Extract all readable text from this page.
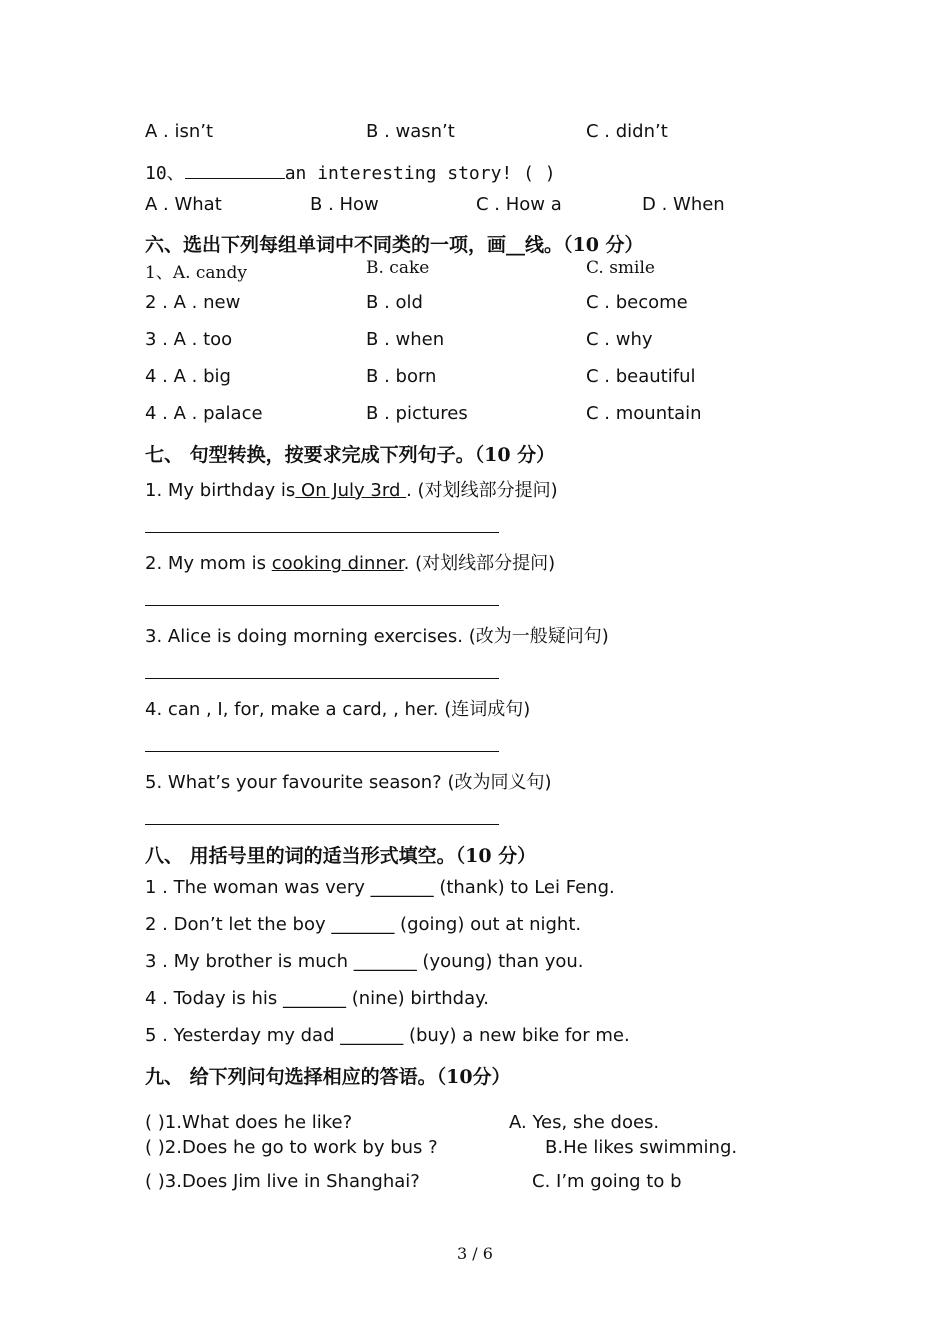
A . isn’t	B . wasn’t	C . didn’t
10、	an interesting story! ( )
A . What	B . How	C . How a	D . When
六、选出下列每组单词中不同类的一项，画__线。（10 分）
1、A. candy	B. cake	C. smile
2 . A . new	B . old	C . become
3 . A . too	B . when	C . why
4 . A . big	B . born	C . beautiful
4 . A . palace	B . pictures	C . mountain
七、 句型转换，按要求完成下列句子。（10 分）
1. My birthday is On July 3rd . (对划线部分提问)
2. My mom is cooking dinner. (对划线部分提问)
3. Alice is doing morning exercises. (改为一般疑问句)
4. can , I, for, make a card, , her. (连词成句)
5. What’s your favourite season? (改为同义句)
八、 用括号里的词的适当形式填空。（10 分）
1 . The woman was very _______ (thank) to Lei Feng.
2 . Don’t let the boy _______ (going) out at night.
3 . My brother is much _______ (young) than you.
4 . Today is his _______ (nine) birthday.
5 . Yesterday my dad _______ (buy) a new bike for me.
九、 给下列问句选择相应的答语。（10分）
( )1.What does he like?	A. Yes, she does.
( )2.Does he go to work by bus ?	B.He likes swimming.
( )3.Does Jim live in Shanghai?	C. I’m going to b
3 / 6
